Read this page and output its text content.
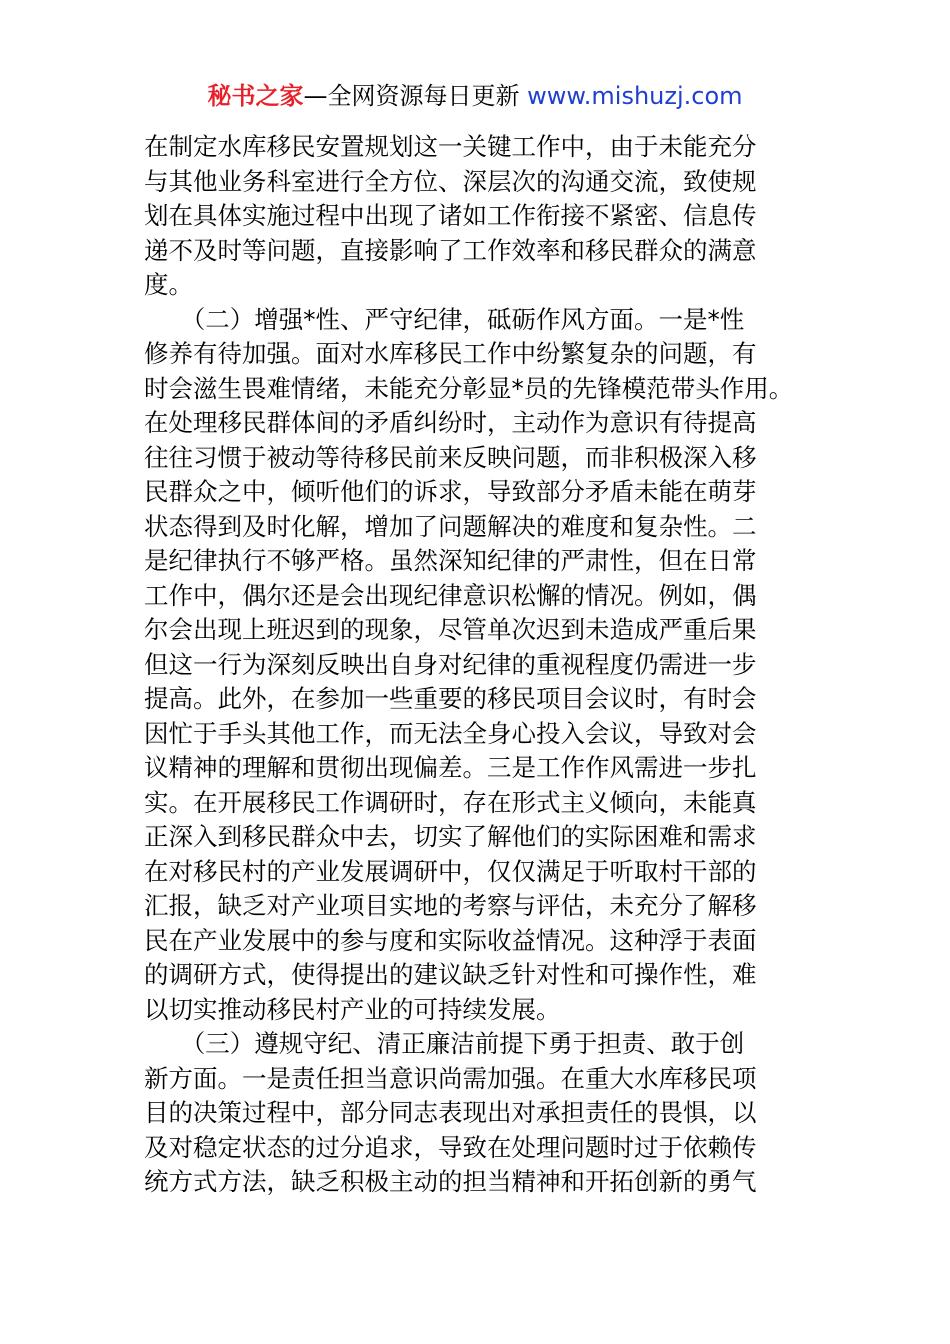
秘书之家—全网资源每日更新 www.mishuzj.com
在制定水库移民安置规划这一关键工作中，由于未能充分
与其他业务科室进行全方位、深层次的沟通交流，致使规
划在具体实施过程中出现了诸如工作衔接不紧密、信息传
递不及时等问题，直接影响了工作效率和移民群众的满意
度。
　　（二）增强*性、严守纪律，砥砺作风方面。一是*性
修养有待加强。面对水库移民工作中纷繁复杂的问题，有
时会滋生畏难情绪，未能充分彰显*员的先锋模范带头作用。
在处理移民群体间的矛盾纠纷时，主动作为意识有待提高
往往习惯于被动等待移民前来反映问题，而非积极深入移
民群众之中，倾听他们的诉求，导致部分矛盾未能在萌芽
状态得到及时化解，增加了问题解决的难度和复杂性。二
是纪律执行不够严格。虽然深知纪律的严肃性，但在日常
工作中，偶尔还是会出现纪律意识松懈的情况。例如，偶
尔会出现上班迟到的现象，尽管单次迟到未造成严重后果
但这一行为深刻反映出自身对纪律的重视程度仍需进一步
提高。此外，在参加一些重要的移民项目会议时，有时会
因忙于手头其他工作，而无法全身心投入会议，导致对会
议精神的理解和贯彻出现偏差。三是工作作风需进一步扎
实。在开展移民工作调研时，存在形式主义倾向，未能真
正深入到移民群众中去，切实了解他们的实际困难和需求
在对移民村的产业发展调研中，仅仅满足于听取村干部的
汇报，缺乏对产业项目实地的考察与评估，未充分了解移
民在产业发展中的参与度和实际收益情况。这种浮于表面
的调研方式，使得提出的建议缺乏针对性和可操作性，难
以切实推动移民村产业的可持续发展。
　　（三）遵规守纪、清正廉洁前提下勇于担责、敢于创
新方面。一是责任担当意识尚需加强。在重大水库移民项
目的决策过程中，部分同志表现出对承担责任的畏惧，以
及对稳定状态的过分追求，导致在处理问题时过于依赖传
统方式方法，缺乏积极主动的担当精神和开拓创新的勇气
